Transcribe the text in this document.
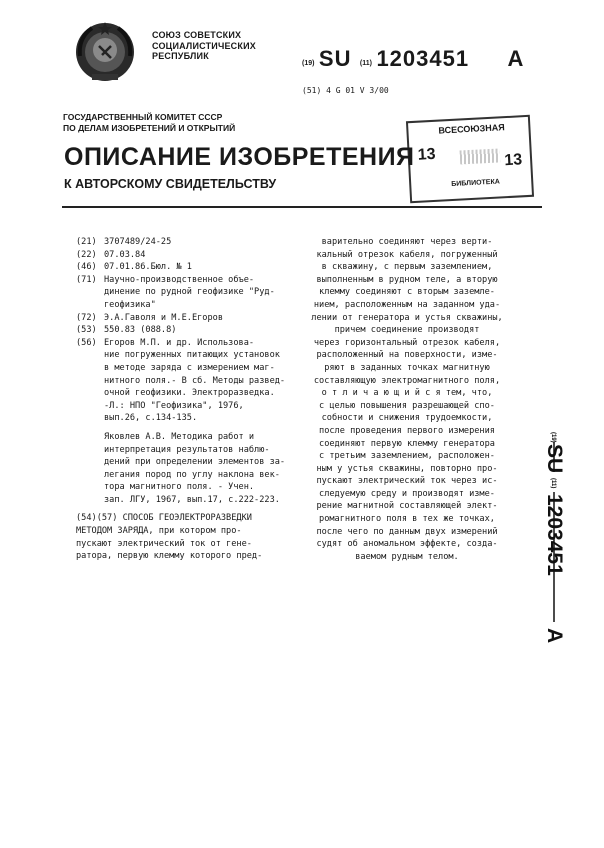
СОЮЗ СОВЕТСКИХ
СОЦИАЛИСТИЧЕСКИХ
РЕСПУБЛИК
(19) SU (11) 1203451 A
(51) 4 G 01 V 3/00
ГОСУДАРСТВЕННЫЙ КОМИТЕТ СССР
ПО ДЕЛАМ ИЗОБРЕТЕНИЙ И ОТКРЫТИЙ	ВСЕСОЮЗНАЯ
13	13
БИБЛИОТЕКА
ОПИСАНИЕ ИЗОБРЕТЕНИЯ
К АВТОРСКОМУ СВИДЕТЕЛЬСТВУ
(21) 3707489/24-25
(22) 07.03.84
(46) 07.01.86.Бюл. № 1
(71) Научно-производственное объе-
динение по рудной геофизике "Руд-
геофизика"
(72) Э.А.Гаволя и М.Е.Егоров
(53) 550.83 (088.8)
(56) Егоров М.П. и др. Использова-
ние погруженных питающих установок
в методе заряда с измерением маг-
нитного поля.- В сб. Методы развед-
очной геофизики. Электроразведка.
-Л.: НПО "Геофизика", 1976,
вып.26, с.134-135.
Яковлев А.В. Методика работ и
интерпретация результатов наблю-
дений при определении элементов за-
легания пород по углу наклона век-
тора магнитного поля. - Учен.
зап. ЛГУ, 1967, вып.17, с.222-223.
(54)(57) СПОСОБ ГЕОЭЛЕКТРОРАЗВЕДКИ
МЕТОДОМ ЗАРЯДА, при котором про-
пускают электрический ток от гене-
ратора, первую клемму которого пред-
варительно соединяют через верти-
кальный отрезок кабеля, погруженный
в скважину, с первым заземлением,
выполненным в рудном теле, а вторую
клемму соединяют с вторым заземле-
нием, расположенным на заданном уда-
лении от генератора и устья скважины,
причем соединение производят
через горизонтальный отрезок кабеля,
расположенный на поверхности, изме-
ряют в заданных точках магнитную
составляющую электромагнитного поля,
о т л и ч а ю щ и й с я тем, что,
с целью повышения разрешающей спо-
собности и снижения трудоемкости,
после проведения первого измерения
соединяют первую клемму генератора
с третьим заземлением, расположен-
ным у устья скважины, повторно про-
пускают электрический ток через ис-
следуемую среду и производят изме-
рение магнитной составляющей элект-
ромагнитного поля в тех же точках,
после чего по данным двух измерений
судят об аномальном эффекте, созда-
ваемом рудным телом.
(19)
SU
(11)
1203451
A
